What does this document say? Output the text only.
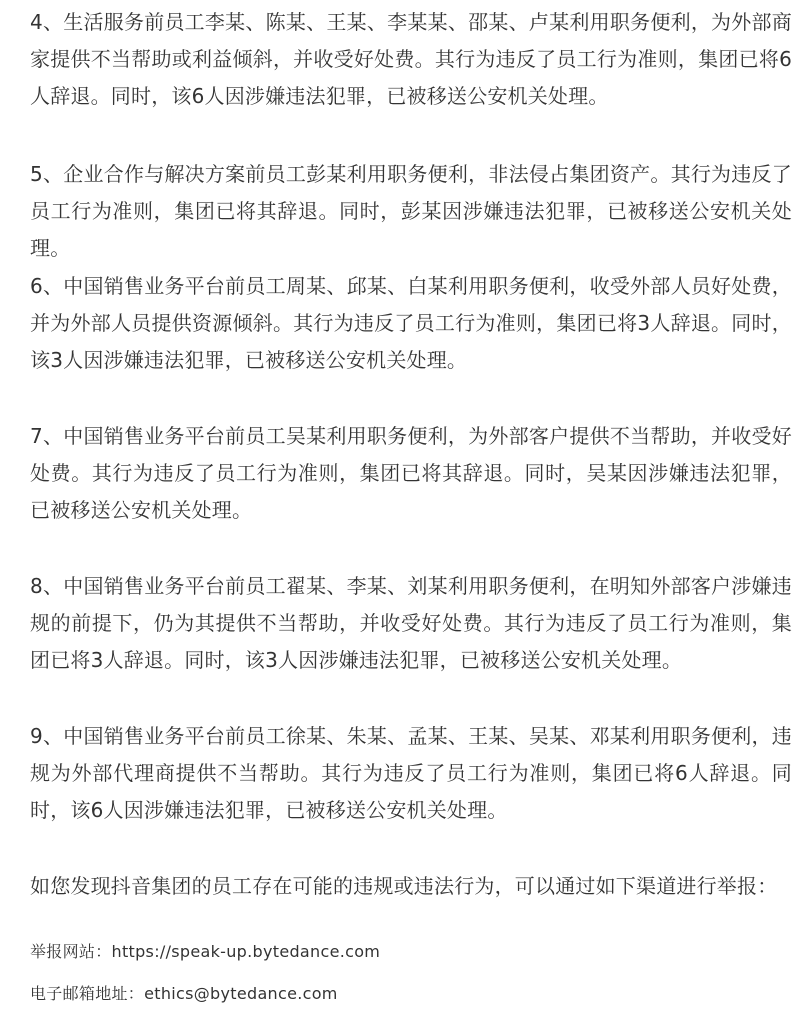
4、生活服务前员工李某、陈某、王某、李某某、邵某、卢某利用职务便利，为外部商家提供不当帮助或利益倾斜，并收受好处费。其行为违反了员工行为准则，集团已将6人辞退。同时，该6人因涉嫌违法犯罪，已被移送公安机关处理。

5、企业合作与解决方案前员工彭某利用职务便利，非法侵占集团资产。其行为违反了员工行为准则，集团已将其辞退。同时，彭某因涉嫌违法犯罪，已被移送公安机关处理。

6、中国销售业务平台前员工周某、邱某、白某利用职务便利，收受外部人员好处费，并为外部人员提供资源倾斜。其行为违反了员工行为准则，集团已将3人辞退。同时，该3人因涉嫌违法犯罪，已被移送公安机关处理。

7、中国销售业务平台前员工吴某利用职务便利，为外部客户提供不当帮助，并收受好处费。其行为违反了员工行为准则，集团已将其辞退。同时，吴某因涉嫌违法犯罪，已被移送公安机关处理。

8、中国销售业务平台前员工翟某、李某、刘某利用职务便利，在明知外部客户涉嫌违规的前提下，仍为其提供不当帮助，并收受好处费。其行为违反了员工行为准则，集团已将3人辞退。同时，该3人因涉嫌违法犯罪，已被移送公安机关处理。

9、中国销售业务平台前员工徐某、朱某、孟某、王某、吴某、邓某利用职务便利，违规为外部代理商提供不当帮助。其行为违反了员工行为准则，集团已将6人辞退。同时，该6人因涉嫌违法犯罪，已被移送公安机关处理。

如您发现抖音集团的员工存在可能的违规或违法行为，可以通过如下渠道进行举报：

举报网站：https://speak-up.bytedance.com

电子邮箱地址：ethics@bytedance.com
